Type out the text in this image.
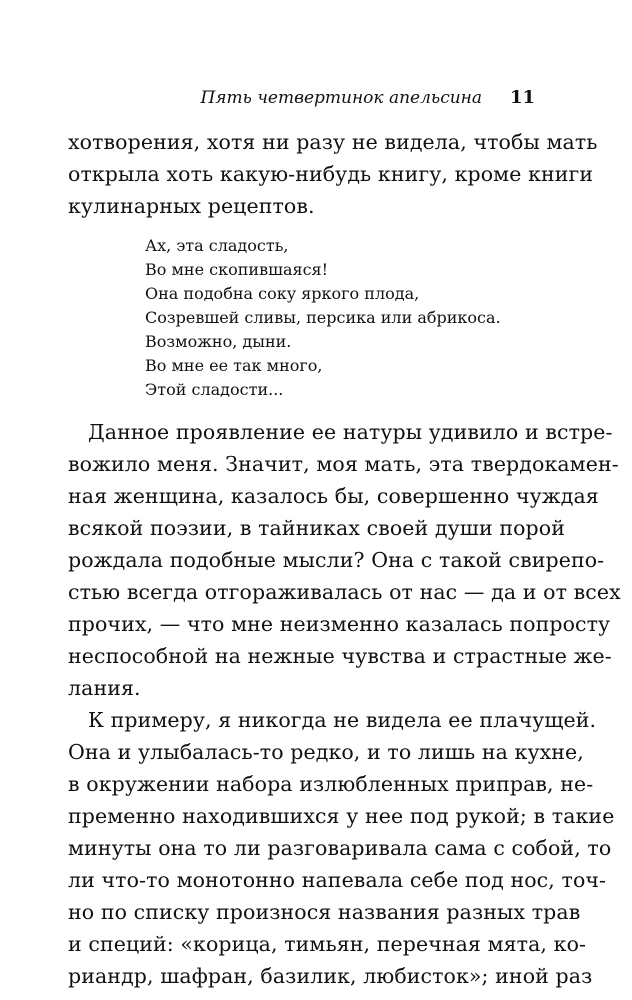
Пять четвертинок апельсина 11
хотворения, хотя ни разу не видела, чтобы мать
открыла хоть какую-нибудь книгу, кроме книги
кулинарных рецептов.
Ах, эта сладость,
Во мне скопившаяся!
Она подобна соку яркого плода,
Созревшей сливы, персика или абрикоса.
Возможно, дыни.
Во мне ее так много,
Этой сладости...
Данное проявление ее натуры удивило и встре-
вожило меня. Значит, моя мать, эта твердокамен-
ная женщина, казалось бы, совершенно чуждая
всякой поэзии, в тайниках своей души порой
рождала подобные мысли? Она с такой свирепо-
стью всегда отгораживалась от нас — да и от всех
прочих, — что мне неизменно казалась попросту
неспособной на нежные чувства и страстные же-
лания.
К примеру, я никогда не видела ее плачущей.
Она и улыбалась-то редко, и то лишь на кухне,
в окружении набора излюбленных приправ, не-
пременно находившихся у нее под рукой; в такие
минуты она то ли разговаривала сама с собой, то
ли что-то монотонно напевала себе под нос, точ-
но по списку произнося названия разных трав
и специй: «корица, тимьян, перечная мята, ко-
риандр, шафран, базилик, любисток»; иной раз
